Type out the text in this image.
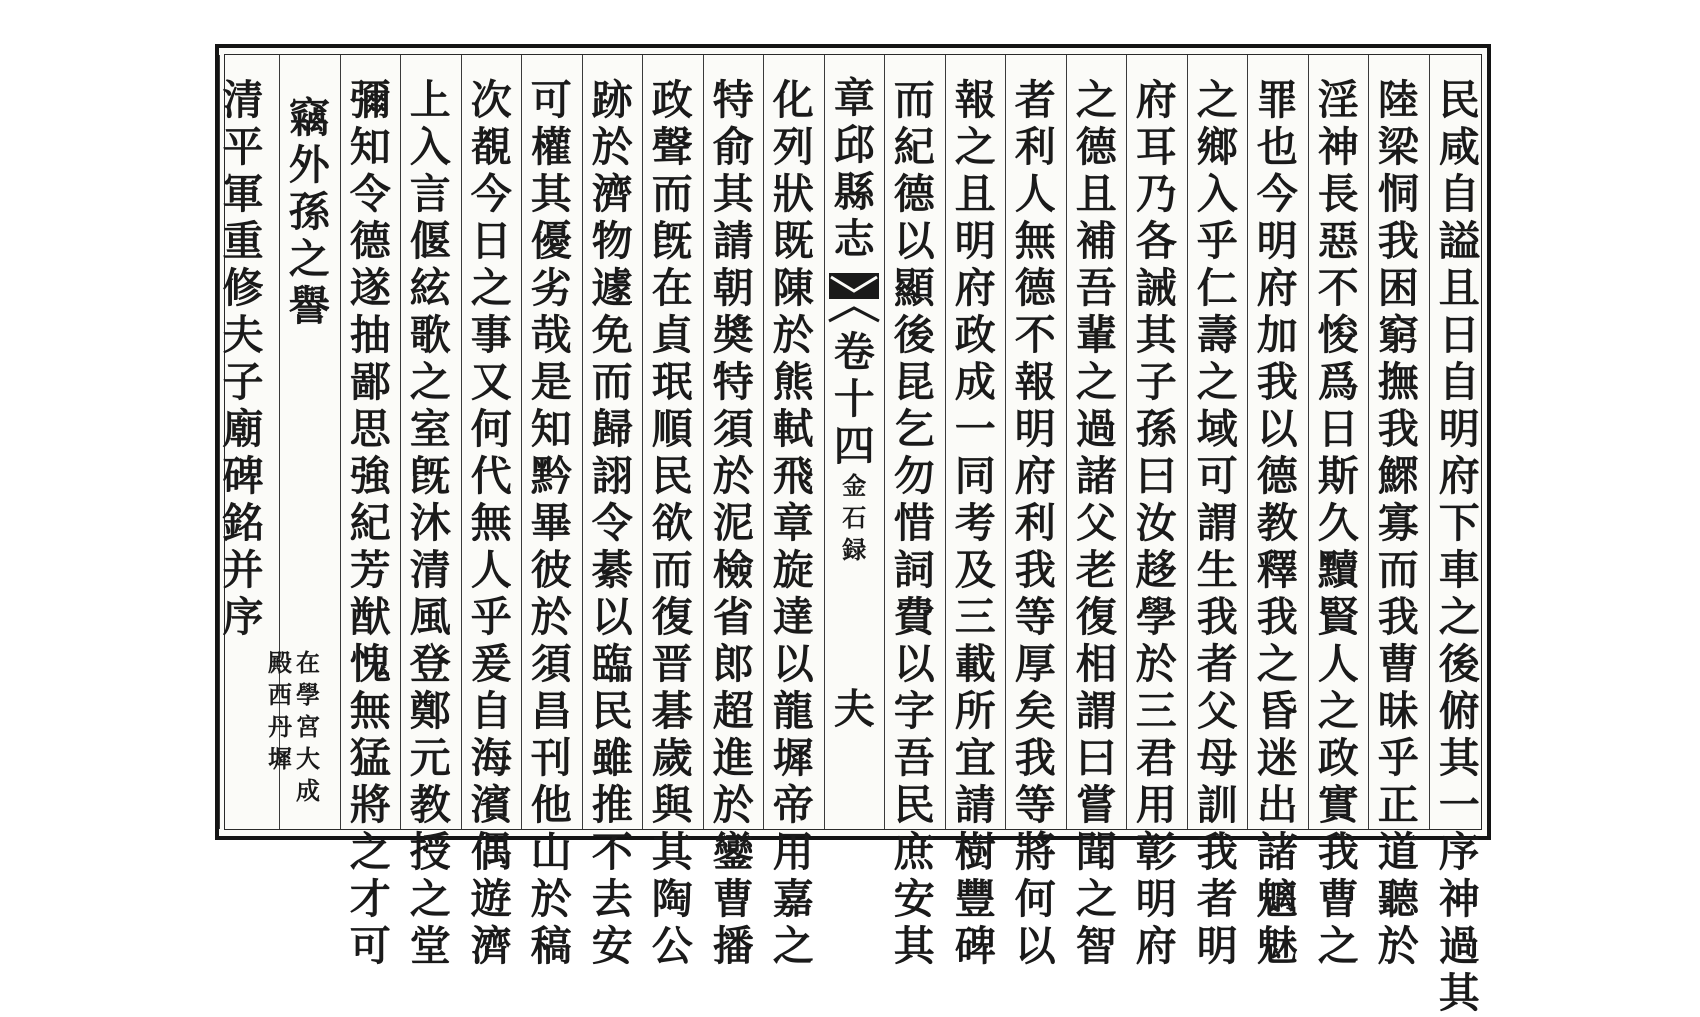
民
咸
自
謚
且
日
自
明
府
下
車
之
後
俯
其
一
序
神
過
其
陸
梁
恫
我
困
窮
撫
我
鰥
寡
而
我
曹
昧
乎
正
道
聽
於
淫
神
長
惡
不
悛
爲
日
斯
久
黷
賢
人
之
政
實
我
曹
之
罪
也
今
明
府
加
我
以
德
教
釋
我
之
昏
迷
出
諸
魑
魅
之
鄉
入
乎
仁
壽
之
域
可
謂
生
我
者
父
母
訓
我
者
明
府
耳
乃
各
誡
其
子
孫
曰
汝
趍
學
於
三
君
用
彰
明
府
之
德
且
補
吾
輩
之
過
諸
父
老
復
相
謂
曰
嘗
聞
之
智
者
利
人
無
德
不
報
明
府
利
我
等
厚
矣
我
等
將
何
以
報
之
且
明
府
政
成
一
同
考
及
三
載
所
宜
請
樹
豐
碑
而
紀
德
以
顯
後
昆
乞
勿
惜
詞
費
以
字
吾
民
庶
安
其
章
邱
縣
志
卷
十
四
金
石
録
夫
化
列
狀
既
陳
於
熊
軾
飛
章
旋
達
以
龍
墀
帝
用
嘉
之
特
俞
其
請
朝
奬
特
須
於
泥
檢
省
郎
超
進
於
鑾
曹
播
政
聲
而
旣
在
貞
珉
順
民
欲
而
復
晋
碁
歲
與
其
陶
公
跡
於
濟
物
遽
免
而
歸
詡
令
綦
以
臨
民
雖
推
不
去
安
可
權
其
優
劣
哉
是
知
黔
畢
彼
於
須
昌
刊
他
山
於
稿
次
覩
今
日
之
事
又
何
代
無
人
乎
爰
自
海
濱
偶
遊
濟
上
入
言
偃
絃
歌
之
室
旣
沐
清
風
登
鄭
元
教
授
之
堂
彌
知
令
德
遂
抽
鄙
思
強
紀
芳
猷
愧
無
猛
將
之
才
可
竊
外
孫
之
譽
清
平
軍
重
修
夫
子
廟
碑
銘
并
序
殿
西
丹
墀
在
學
宮
大
成
